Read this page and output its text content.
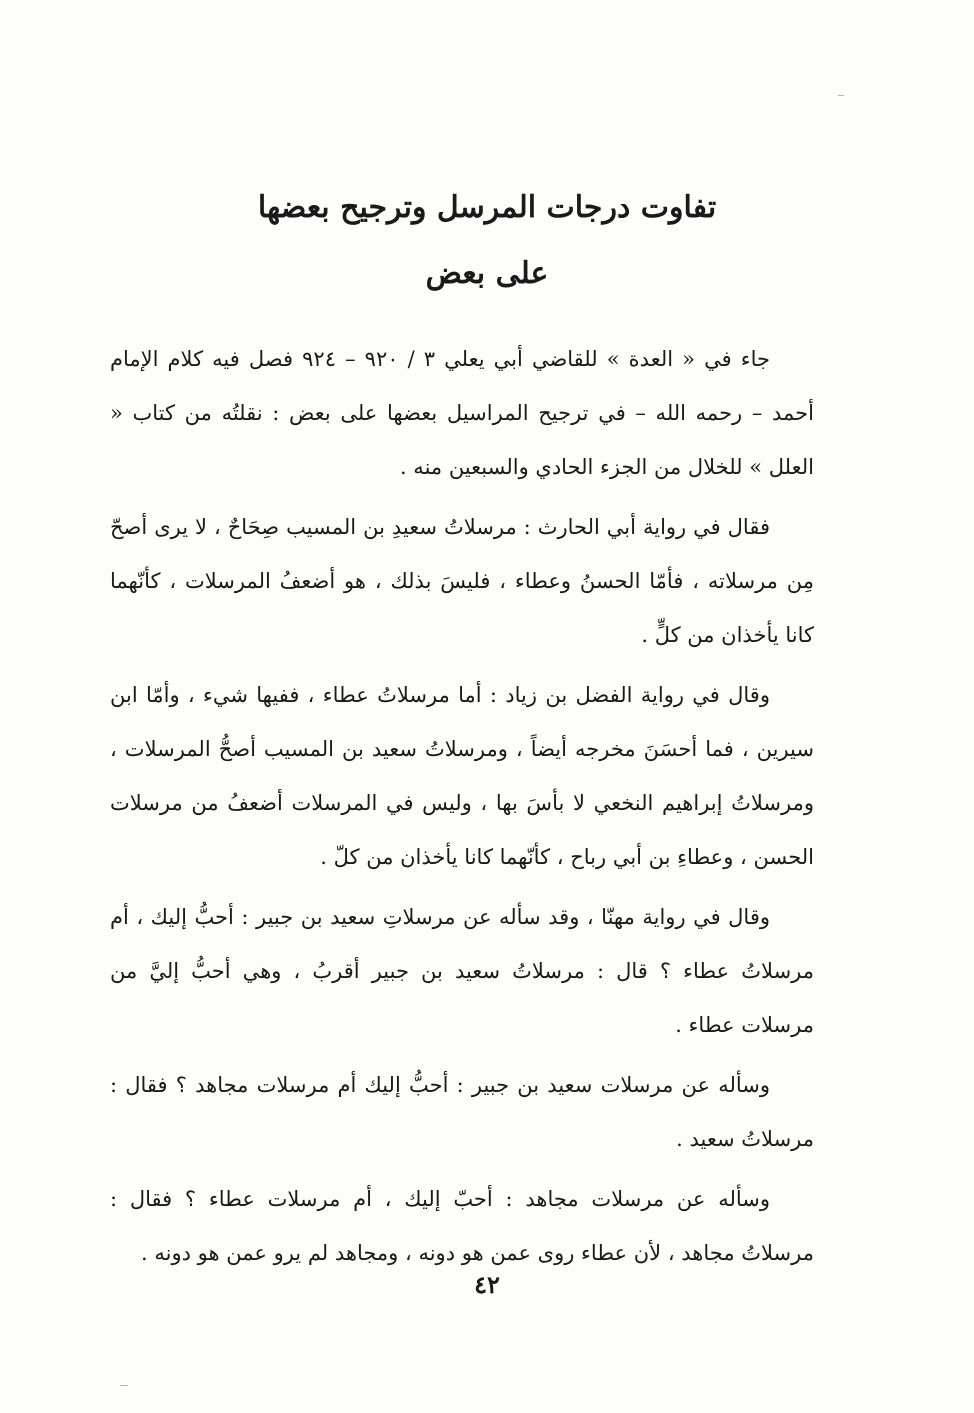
تفاوت درجات المرسل وترجيح بعضها

على بعض

جاء في « العدة » للقاضي أبي يعلي ٣ / ٩٢٠ – ٩٢٤ فصل فيه كلام الإمام أحمد – رحمه الله – في ترجيح المراسيل بعضها على بعض : نقلتُه من كتاب « العلل » للخلال من الجزء الحادي والسبعين منه .

فقال في رواية أبي الحارث : مرسلاتُ سعيدِ بن المسيب صِحَاحٌ ، لا يرى أصحّ مِن مرسلاته ، فأمّا الحسنُ وعطاء ، فليسَ بذلك ، هو أضعفُ المرسلات ، كأنّهما كانا يأخذان من كلٍّ .

وقال في رواية الفضل بن زياد : أما مرسلاتُ عطاء ، ففيها شيء ، وأمّا ابن سيرين ، فما أحسَنَ مخرجه أيضاً ، ومرسلاتُ سعيد بن المسيب أصحُّ المرسلات ، ومرسلاتُ إبراهيم النخعي لا بأسَ بها ، وليس في المرسلات أضعفُ من مرسلات الحسن ، وعطاءِ بن أبي رباح ، كأنّهما كانا يأخذان من كلّ .

وقال في رواية مهنّا ، وقد سأله عن مرسلاتِ سعيد بن جبير : أحبُّ إليك ، أم مرسلاتُ عطاء ؟ قال : مرسلاتُ سعيد بن جبير أقربُ ، وهي أحبُّ إليَّ من مرسلات عطاء .

وسأله عن مرسلات سعيد بن جبير : أحبُّ إليك أم مرسلات مجاهد ؟ فقال : مرسلاتُ سعيد .

وسأله عن مرسلات مجاهد : أحبّ إليك ، أم مرسلات عطاء ؟ فقال : مرسلاتُ مجاهد ، لأن عطاء روى عمن هو دونه ، ومجاهد لم يرو عمن هو دونه .

٤٢
